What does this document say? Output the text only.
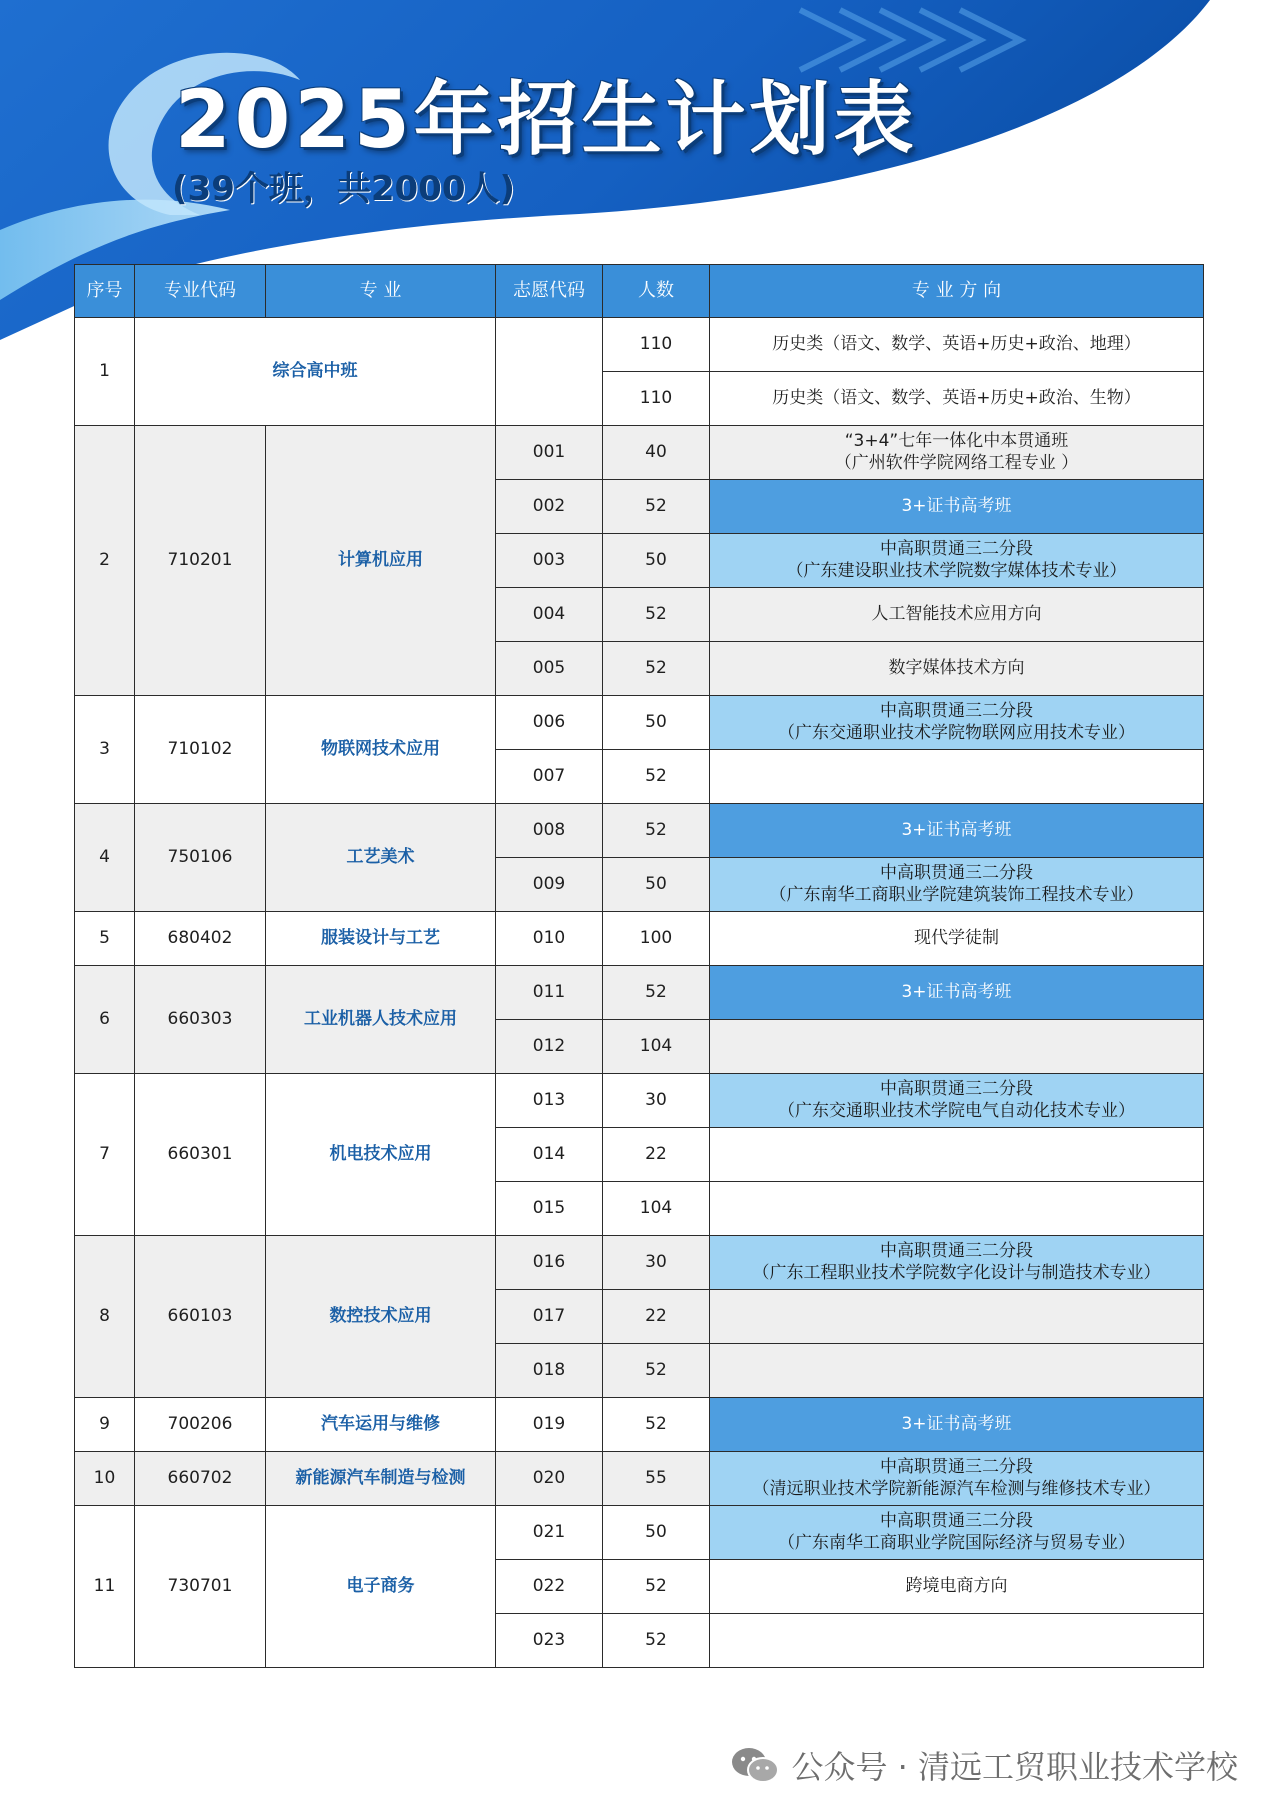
2025年招生计划表

(39个班，共2000人)

序号	专业代码	专 业	志愿代码	人数	专 业 方 向
1	综合高中班			110	历史类（语文、数学、英语+历史+政治、地理）

				110	历史类（语文、数学、英语+历史+政治、生物）

2	710201	计算机应用	001	40	“3+4”七年一体化中本贯通班
（广州软件学院网络工程专业 ）

			002	52	3+证书高考班

			003	50	中高职贯通三二分段
（广东建设职业技术学院数字媒体技术专业）

			004	52	人工智能技术应用方向

			005	52	数字媒体技术方向

3	710102	物联网技术应用	006	50	中高职贯通三二分段
（广东交通职业技术学院物联网应用技术专业）

			007	52	

4	750106	工艺美术	008	52	3+证书高考班

			009	50	中高职贯通三二分段
（广东南华工商职业学院建筑装饰工程技术专业）

5	680402	服装设计与工艺	010	100	现代学徒制

6	660303	工业机器人技术应用	011	52	3+证书高考班

			012	104	

7	660301	机电技术应用	013	30	中高职贯通三二分段
（广东交通职业技术学院电气自动化技术专业）

			014	22	

			015	104	

8	660103	数控技术应用	016	30	中高职贯通三二分段
（广东工程职业技术学院数字化设计与制造技术专业）

			017	22	

			018	52	

9	700206	汽车运用与维修	019	52	3+证书高考班

10	660702	新能源汽车制造与检测	020	55	中高职贯通三二分段
（清远职业技术学院新能源汽车检测与维修技术专业）

11	730701	电子商务	021	50	中高职贯通三二分段
（广东南华工商职业学院国际经济与贸易专业）

			022	52	跨境电商方向

			023	52	
公众号 · 清远工贸职业技术学校
